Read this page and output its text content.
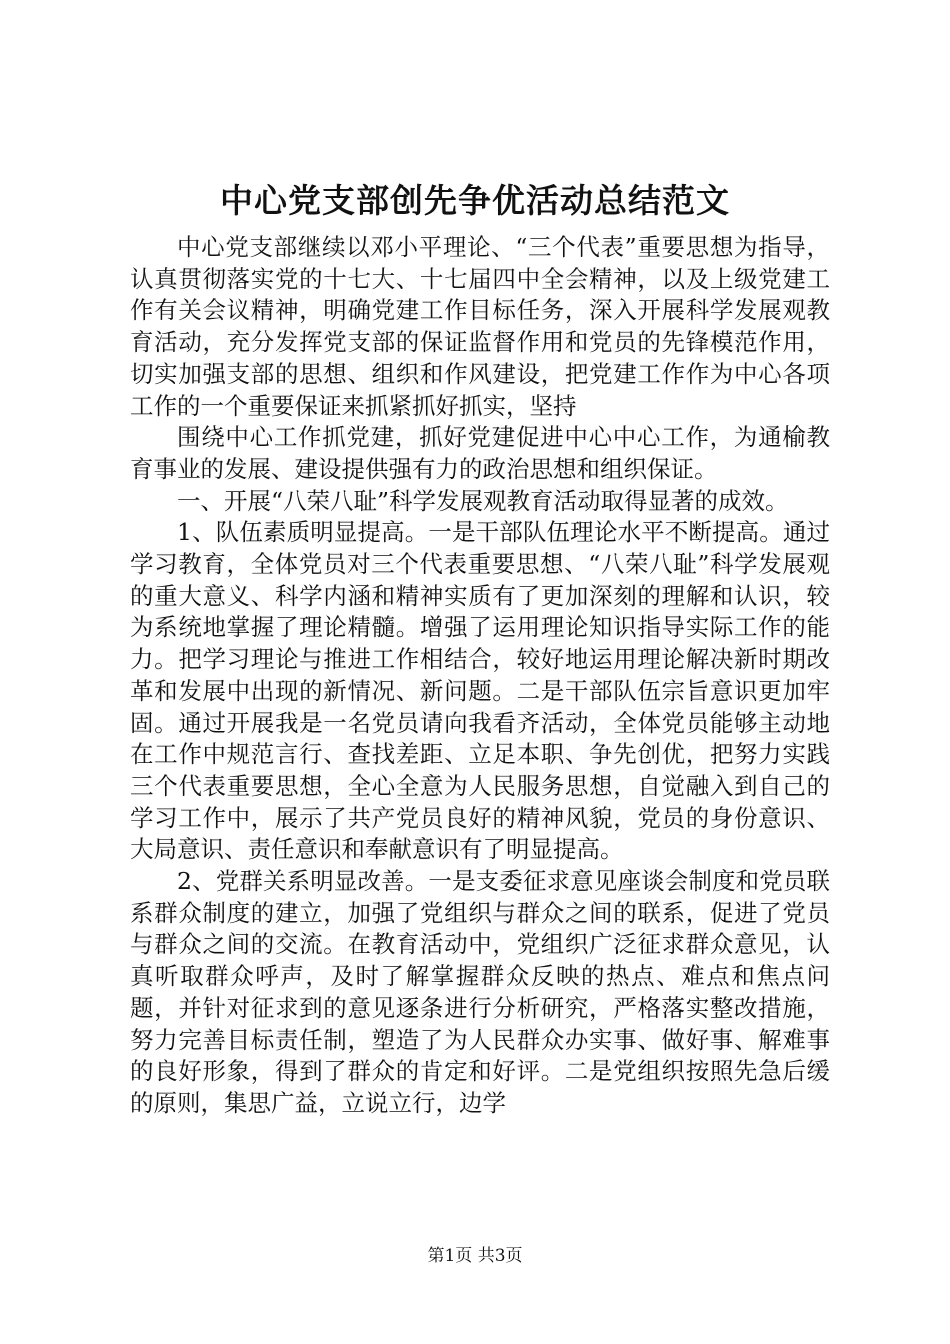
中心党支部创先争优活动总结范文

中心党支部继续以邓小平理论、“三个代表”重要思想为指导，认真贯彻落实党的十七大、十七届四中全会精神，以及上级党建工作有关会议精神，明确党建工作目标任务，深入开展科学发展观教育活动，充分发挥党支部的保证监督作用和党员的先锋模范作用，切实加强支部的思想、组织和作风建设，把党建工作作为中心各项工作的一个重要保证来抓紧抓好抓实，坚持

围绕中心工作抓党建，抓好党建促进中心中心工作，为通榆教育事业的发展、建设提供强有力的政治思想和组织保证。

一、开展“八荣八耻”科学发展观教育活动取得显著的成效。

1、队伍素质明显提高。一是干部队伍理论水平不断提高。通过学习教育，全体党员对三个代表重要思想、“八荣八耻”科学发展观的重大意义、科学内涵和精神实质有了更加深刻的理解和认识，较为系统地掌握了理论精髓。增强了运用理论知识指导实际工作的能力。把学习理论与推进工作相结合，较好地运用理论解决新时期改革和发展中出现的新情况、新问题。二是干部队伍宗旨意识更加牢固。通过开展我是一名党员请向我看齐活动，全体党员能够主动地在工作中规范言行、查找差距、立足本职、争先创优，把努力实践三个代表重要思想，全心全意为人民服务思想，自觉融入到自己的学习工作中，展示了共产党员良好的精神风貌，党员的身份意识、大局意识、责任意识和奉献意识有了明显提高。

2、党群关系明显改善。一是支委征求意见座谈会制度和党员联系群众制度的建立，加强了党组织与群众之间的联系，促进了党员与群众之间的交流。在教育活动中，党组织广泛征求群众意见，认真听取群众呼声，及时了解掌握群众反映的热点、难点和焦点问题，并针对征求到的意见逐条进行分析研究，严格落实整改措施，努力完善目标责任制，塑造了为人民群众办实事、做好事、解难事的良好形象，得到了群众的肯定和好评。二是党组织按照先急后缓的原则，集思广益，立说立行，边学

第1页 共3页
